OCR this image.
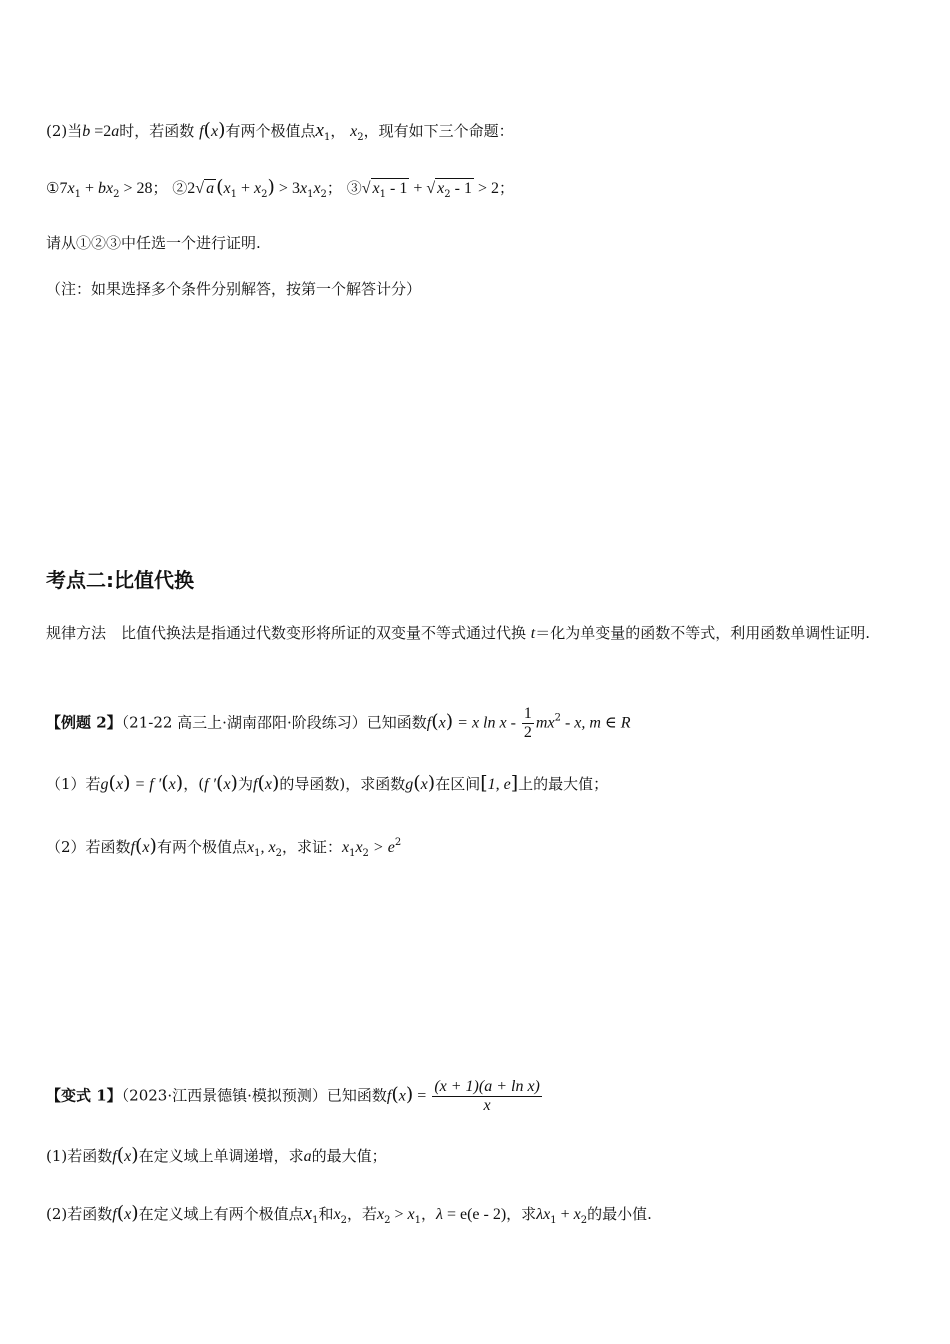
(2)当b =2a时，若函数 f(x)有两个极值点$x_1$， $x_2$，现有如下三个命题：
$①7x_1 + bx_2 > 28$； ②2√ a $(x_1 + x_2) > 3x_1x_2$； ③√ $x_1 - 1$ + √ $x_2 - 1 > 2$；
请从①②③中任选一个进行证明.
（注：如果选择多个条件分别解答，按第一个解答计分）
考点二:比值代换
规律方法　比值代换法是指通过代数变形将所证的双变量不等式通过代换 t＝化为单变量的函数不等式，利用函数单调性证明.
【例题 2】（21-22 高三上·湖南邵阳·阶段练习）已知函数f(x) = x ln x - $\frac{1}{2} mx^2$ - x, m ∈ R
（1）若g(x) = f ′(x)，(f ′(x)为f(x)的导函数)，求函数g(x)在区间[1, e]上的最大值；
（2）若函数f(x)有两个极值点$x_1$, $x_2$，求证：$x_1x_2 > e^2$
【变式 1】（2023·江西景德镇·模拟预测）已知函数$f(x) = \frac{\text{(x + 1)(a + ln x)}}{x}$
(1)若函数f(x)在定义域上单调递增，求a的最大值；
(2)若函数f(x)在定义域上有两个极值点$x_1$和$x_2$，若$x_2 > x_1$，λ = e(e - 2)，求$\lambda x_1 + x_2$的最小值.
